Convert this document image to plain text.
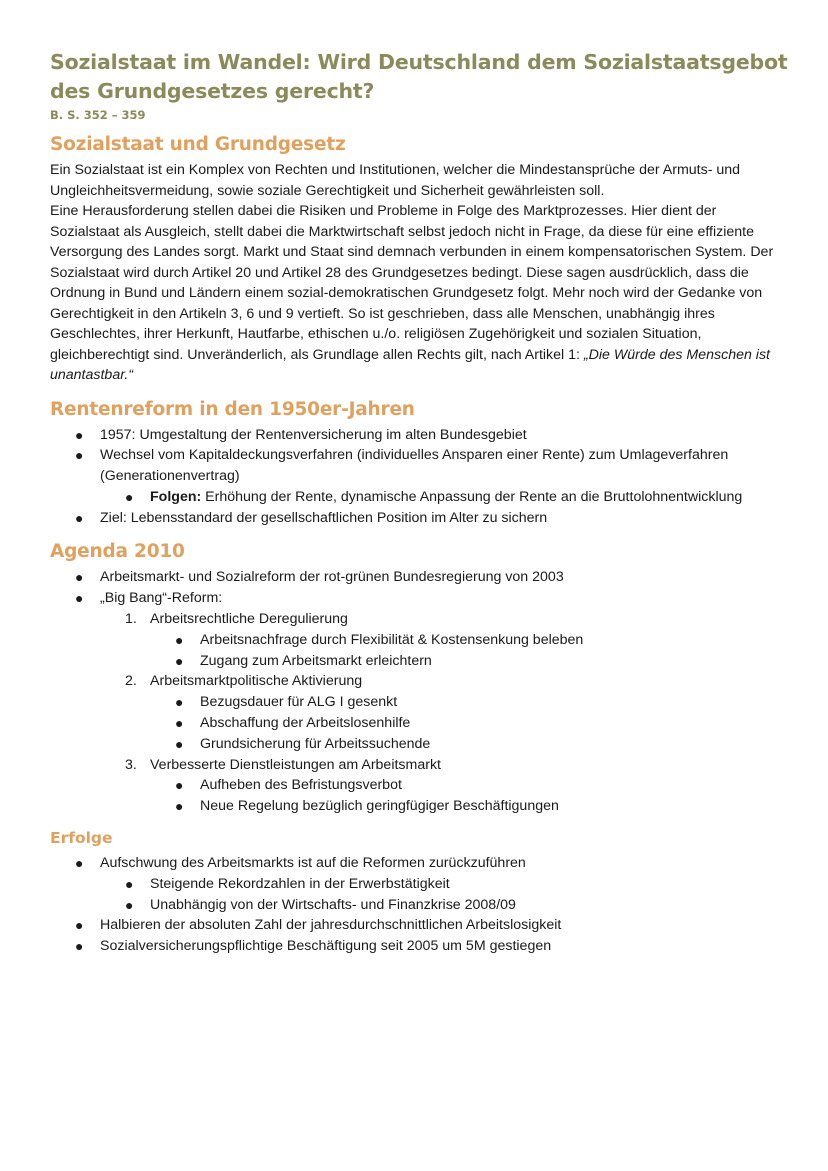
Sozialstaat im Wandel: Wird Deutschland dem Sozialstaatsgebot des Grundgesetzes gerecht?
B. S. 352 – 359
Sozialstaat und Grundgesetz

Ein Sozialstaat ist ein Komplex von Rechten und Institutionen, welcher die Mindestansprüche der Armuts- und Ungleichheitsvermeidung, sowie soziale Gerechtigkeit und Sicherheit gewährleisten soll.

Eine Herausforderung stellen dabei die Risiken und Probleme in Folge des Marktprozesses. Hier dient der Sozialstaat als Ausgleich, stellt dabei die Marktwirtschaft selbst jedoch nicht in Frage, da diese für eine effiziente Versorgung des Landes sorgt. Markt und Staat sind demnach verbunden in einem kompensatorischen System. Der Sozialstaat wird durch Artikel 20 und Artikel 28 des Grundgesetzes bedingt. Diese sagen ausdrücklich, dass die Ordnung in Bund und Ländern einem sozial-demokratischen Grundgesetz folgt. Mehr noch wird der Gedanke von Gerechtigkeit in den Artikeln 3, 6 und 9 vertieft. So ist geschrieben, dass alle Menschen, unabhängig ihres Geschlechtes, ihrer Herkunft, Hautfarbe, ethischen u./o. religiösen Zugehörigkeit und sozialen Situation, gleichberechtigt sind. Unveränderlich, als Grundlage allen Rechts gilt, nach Artikel 1: „Die Würde des Menschen ist unantastbar.“

Rentenreform in den 1950er-Jahren
● 1957: Umgestaltung der Rentenversicherung im alten Bundesgebiet
● Wechsel vom Kapitaldeckungsverfahren (individuelles Ansparen einer Rente) zum Umlageverfahren (Generationenvertrag)
● Folgen: Erhöhung der Rente, dynamische Anpassung der Rente an die Bruttolohnentwicklung
● Ziel: Lebensstandard der gesellschaftlichen Position im Alter zu sichern
Agenda 2010
● Arbeitsmarkt- und Sozialreform der rot-grünen Bundesregierung von 2003
● „Big Bang“-Reform:
1. Arbeitsrechtliche Deregulierung
● Arbeitsnachfrage durch Flexibilität & Kostensenkung beleben
● Zugang zum Arbeitsmarkt erleichtern
2. Arbeitsmarktpolitische Aktivierung
● Bezugsdauer für ALG I gesenkt
● Abschaffung der Arbeitslosenhilfe
● Grundsicherung für Arbeitssuchende
3. Verbesserte Dienstleistungen am Arbeitsmarkt
● Aufheben des Befristungsverbot
● Neue Regelung bezüglich geringfügiger Beschäftigungen
Erfolge
● Aufschwung des Arbeitsmarkts ist auf die Reformen zurückzuführen
● Steigende Rekordzahlen in der Erwerbstätigkeit
● Unabhängig von der Wirtschafts- und Finanzkrise 2008/09
● Halbieren der absoluten Zahl der jahresdurchschnittlichen Arbeitslosigkeit
● Sozialversicherungspflichtige Beschäftigung seit 2005 um 5M gestiegen
